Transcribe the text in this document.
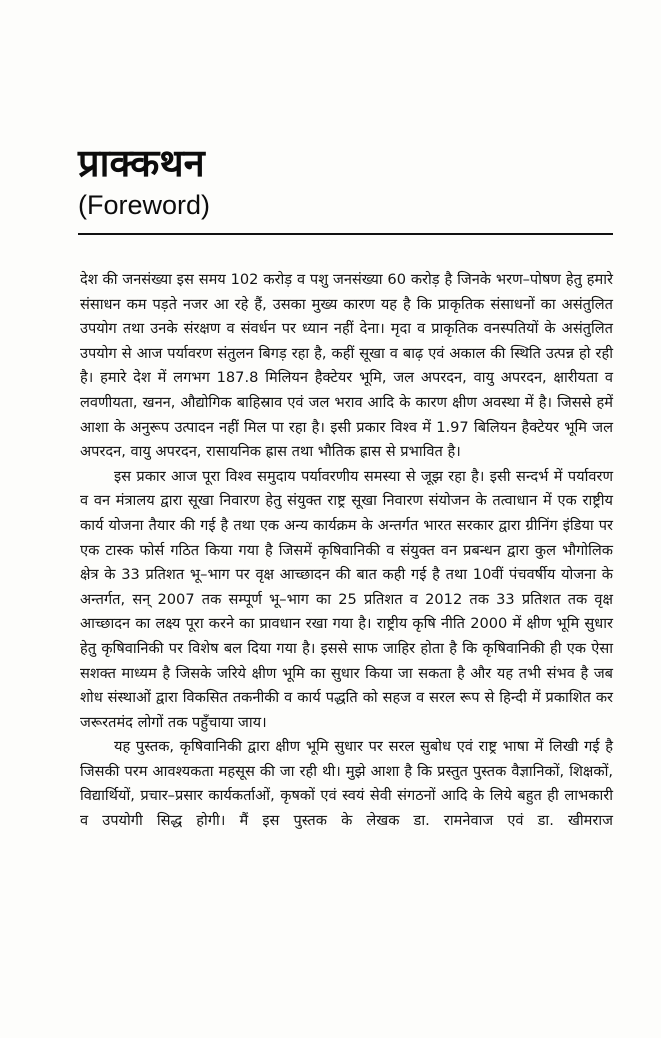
प्राक्कथन
(Foreword)

देश की जनसंख्या इस समय 102 करोड़ व पशु जनसंख्या 60 करोड़ है जिनके भरण–पोषण हेतु हमारे संसाधन कम पड़ते नजर आ रहे हैं, उसका मुख्य कारण यह है कि प्राकृतिक संसाधनों का असंतुलित उपयोग तथा उनके संरक्षण व संवर्धन पर ध्यान नहीं देना। मृदा व प्राकृतिक वनस्पतियों के असंतुलित उपयोग से आज पर्यावरण संतुलन बिगड़ रहा है, कहीं सूखा व बाढ़ एवं अकाल की स्थिति उत्पन्न हो रही है। हमारे देश में लगभग 187.8 मिलियन हैक्टेयर भूमि, जल अपरदन, वायु अपरदन, क्षारीयता व लवणीयता, खनन, औद्योगिक बाहिस्राव एवं जल भराव आदि के कारण क्षीण अवस्था में है। जिससे हमें आशा के अनुरूप उत्पादन नहीं मिल पा रहा है। इसी प्रकार विश्व में 1.97 बिलियन हैक्टेयर भूमि जल अपरदन, वायु अपरदन, रासायनिक ह्रास तथा भौतिक ह्रास से प्रभावित है।

इस प्रकार आज पूरा विश्व समुदाय पर्यावरणीय समस्या से जूझ रहा है। इसी सन्दर्भ में पर्यावरण व वन मंत्रालय द्वारा सूखा निवारण हेतु संयुक्त राष्ट्र सूखा निवारण संयोजन के तत्वाधान में एक राष्ट्रीय कार्य योजना तैयार की गई है तथा एक अन्य कार्यक्रम के अन्तर्गत भारत सरकार द्वारा ग्रीनिंग इंडिया पर एक टास्क फोर्स गठित किया गया है जिसमें कृषिवानिकी व संयुक्त वन प्रबन्धन द्वारा कुल भौगोलिक क्षेत्र के 33 प्रतिशत भू–भाग पर वृक्ष आच्छादन की बात कही गई है तथा 10वीं पंचवर्षीय योजना के अन्तर्गत, सन् 2007 तक सम्पूर्ण भू–भाग का 25 प्रतिशत व 2012 तक 33 प्रतिशत तक वृक्ष आच्छादन का लक्ष्य पूरा करने का प्रावधान रखा गया है। राष्ट्रीय कृषि नीति 2000 में क्षीण भूमि सुधार हेतु कृषिवानिकी पर विशेष बल दिया गया है। इससे साफ जाहिर होता है कि कृषिवानिकी ही एक ऐसा सशक्त माध्यम है जिसके जरिये क्षीण भूमि का सुधार किया जा सकता है और यह तभी संभव है जब शोध संस्थाओं द्वारा विकसित तकनीकी व कार्य पद्धति को सहज व सरल रूप से हिन्दी में प्रकाशित कर जरूरतमंद लोगों तक पहुँचाया जाय।

यह पुस्तक, कृषिवानिकी द्वारा क्षीण भूमि सुधार पर सरल सुबोध एवं राष्ट्र भाषा में लिखी गई है जिसकी परम आवश्यकता महसूस की जा रही थी। मुझे आशा है कि प्रस्तुत पुस्तक वैज्ञानिकों, शिक्षकों, विद्यार्थियों, प्रचार–प्रसार कार्यकर्ताओं, कृषकों एवं स्वयं सेवी संगठनों आदि के लिये बहुत ही लाभकारी व उपयोगी सिद्ध होगी। मैं इस पुस्तक के लेखक डा. रामनेवाज एवं डा. खीमराज
